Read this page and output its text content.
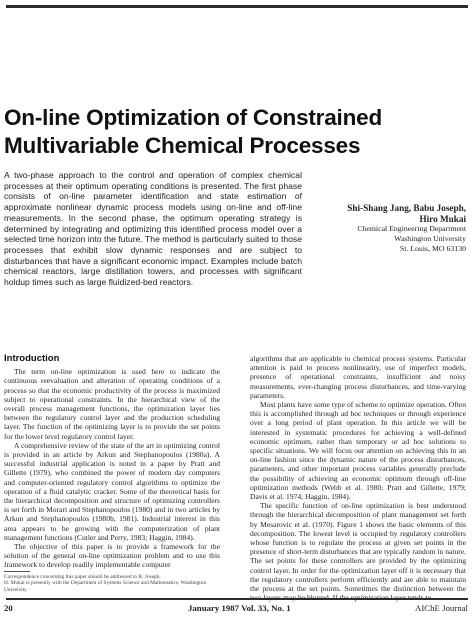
On-line Optimization of Constrained
Multivariable Chemical Processes

A two-phase approach to the control and operation of complex chemical processes at their optimum operating conditions is presented. The first phase consists of on-line parameter identification and state estimation of approximate nonlinear dynamic process models using on-line and off-line measurements. In the second phase, the optimum operating strategy is determined by integrating and optimizing this identified process model over a selected time horizon into the future. The method is particularly suited to those processes that exhibit slow dynamic responses and are subject to disturbances that have a significant economic impact. Examples include batch chemical reactors, large distillation towers, and processes with significant holdup times such as large fluidized-bed reactors.

Shi-Shang Jang, Babu Joseph,
Hiro Mukai
Chemical Engineering Department
Washington University
St. Louis, MO 63130
Introduction

The term on-line optimization is used here to indicate the continuous reevaluation and alteration of operating conditions of a process so that the economic productivity of the process is maximized subject to operational constraints. In the hierarchical view of the overall process management functions, the optimization layer lies between the regulatory control layer and the production scheduling layer. The function of the optimizing layer is to provide the set points for the lower level regulatory control layer.

A comprehensive review of the state of the art in optimizing control is provided in an article by Arkun and Stephanopoulos (1980a). A successful industrial application is noted in a paper by Pratt and Gillette (1979), who combined the power of modern day computers and computer-oriented regulatory control algorithms to optimize the operation of a fluid catalytic cracker. Some of the theoretical basis for the hierarchical decomposition and structure of optimizing controllers is set forth in Morari and Stephanopoulos (1980) and in two articles by Arkun and Stephanopoulos (1980b, 1981). Industrial interest in this area appears to be growing with the computerization of plant management functions (Cutler and Perry, 1983; Haggin, 1984).

The objective of this paper is to provide a framework for the solution of the general on-line optimization problem and to use this framework to develop readily implementable computer

algorithms that are applicable to chemical process systems. Particular attention is paid to process nonlinearity, use of imperfect models, presence of operational constraints, insufficient and noisy measurements, ever-changing process disturbances, and time-varying parameters.

Most plants have some type of scheme to optimize operation. Often this is accomplished through ad hoc techniques or through experience over a long period of plant operation. In this article we will be interested in systematic procedures for achieving a well-defined economic optimum, rather than temporary or ad hoc solutions to specific situations. We will focus our attention on achieving this in an on-line fashion since the dynamic nature of the process disturbances, parameters, and other important process variables generally preclude the possibility of achieving an economic optimum through off-line optimization methods (Webb et al. 1980; Pratt and Gillette, 1979; Davis et al. 1974; Haggin, 1984).

The specific function of on-line optimization is best understood through the hierarchical decomposition of plant management set forth by Mesarovic et al. (1970). Figure 1 shows the basic elements of this decomposition. The lowest level is occupied by regulatory controllers whose function is to regulate the process at given set points in the presence of short-term disturbances that are typically random in nature. The set points for these controllers are provided by the optimizing control layer. In order for the optimization layer off it is necessary that the regulatory controllers perform efficiently and are able to maintain the process at the set points. Sometimes the distinction between the

Correspondence concerning this paper should be addressed to B. Joseph.
H. Mukai is presently with the Department of Systems Science and Mathematics, Washington University.
20	January 1987 Vol. 33, No. 1	AIChE Journal
